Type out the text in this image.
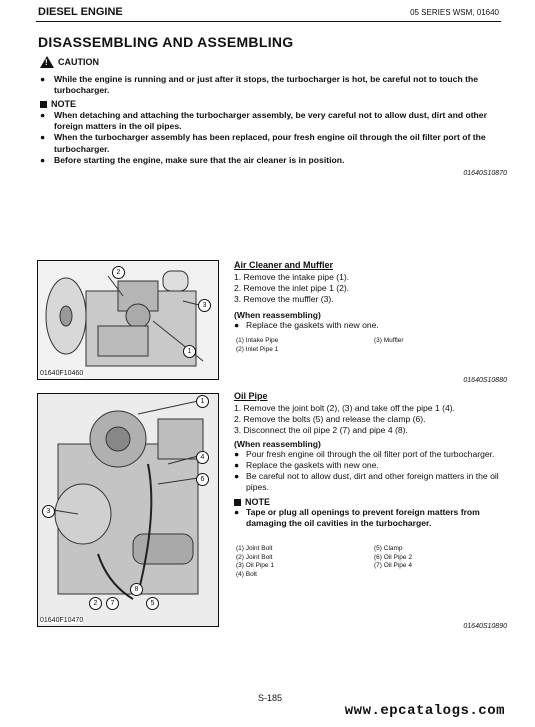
DIESEL ENGINE	05 SERIES WSM, 01640
DISASSEMBLING AND ASSEMBLING
!
CAUTION
●	While the engine is running and or just after it stops, the turbocharger is hot, be careful not to touch the turbocharger.
NOTE
●	When detaching and attaching the turbocharger assembly, be very careful not to allow dust, dirt and other foreign matters in the oil pipes.
●	When the turbocharger assembly has been replaced, pour fresh engine oil through the oil filter port of the turbocharger.
●	Before starting the engine, make sure that the air cleaner is in position.
01640S10870
2
3
1
01640F10460
Air Cleaner and Muffler
1. Remove the intake pipe (1).
2. Remove the inlet pipe 1 (2).
3. Remove the muffler (3).
(When reassembling)
● Replace the gaskets with new one.
(1) Intake Pipe
(2) Inlet Pipe 1
(3) Muffler
01640S10880
1
4
6
3
2	7	5
8
01640F10470
Oil Pipe
1. Remove the joint bolt (2), (3) and take off the pipe 1 (4).
2. Remove the bolts (5) and release the clamp (6).
3. Disconnect the oil pipe 2 (7) and pipe 4 (8).
(When reassembling)
● Pour fresh engine oil through the oil filter port of the turbocharger.
● Replace the gaskets with new one.
● Be careful not to allow dust, dirt and other foreign matters in the oil pipes.
NOTE
● Tape or plug all openings to prevent foreign matters from damaging the oil cavities in the turbocharger.
(1) Joint Bolt
(2) Joint Bolt
(3) Oil Pipe 1
(4) Bolt
(5) Clamp
(6) Oil Pipe 2
(7) Oil Pipe 4
01640S10890
S-185
www.epcatalogs.com
